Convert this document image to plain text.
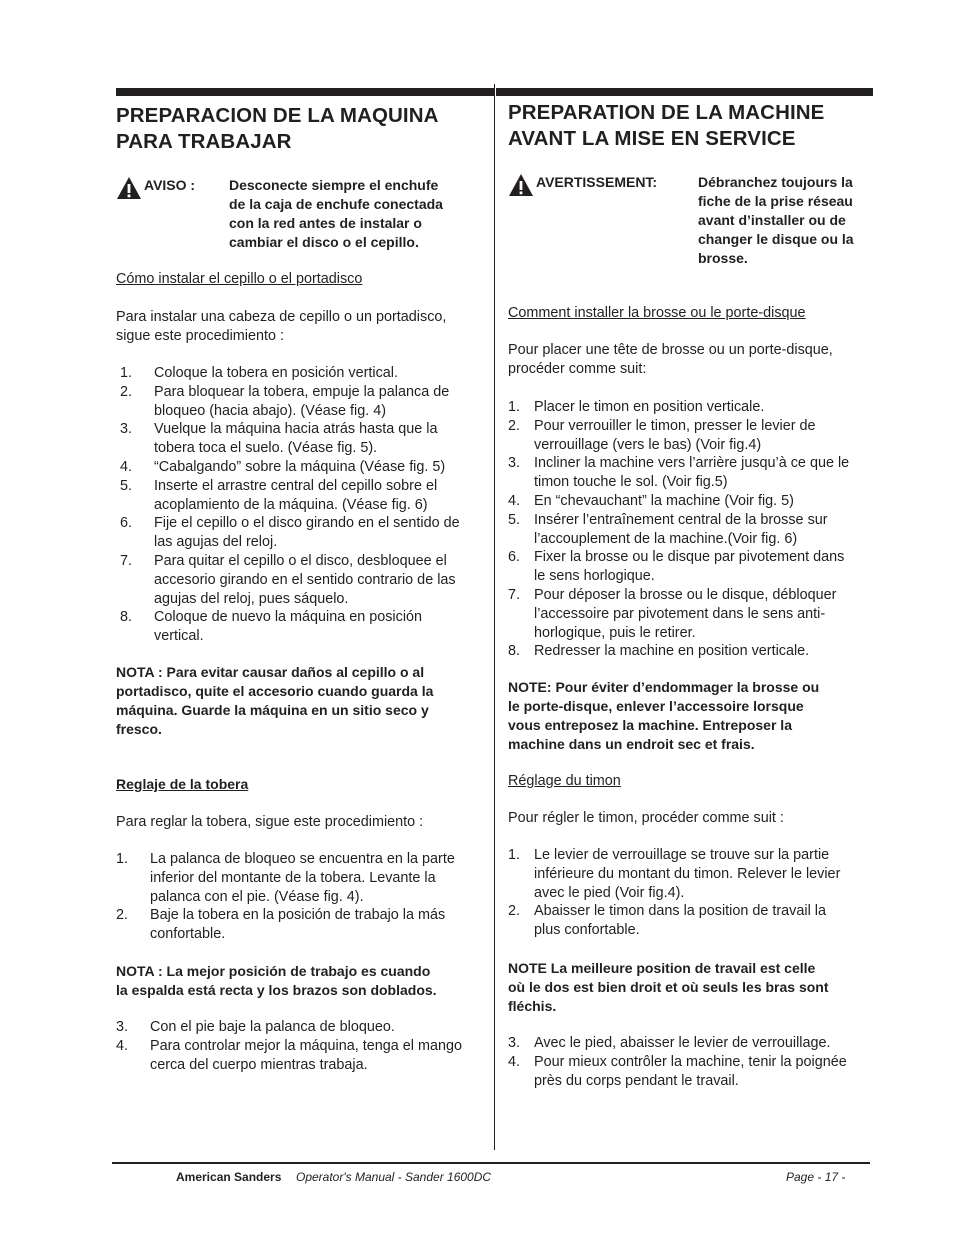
PREPARACION DE LA MAQUINA
PARA TRABAJAR
AVISO : Desconecte siempre el enchufe
de la caja de enchufe conectada
con la red antes de instalar o
cambiar el disco o el cepillo.

Cómo instalar el cepillo o el portadisco

Para instalar una cabeza de cepillo o un portadisco,
sigue este procedimiento :

1. Coloque la tobera en posición vertical.
2. Para bloquear la tobera, empuje la palanca de
bloqueo (hacia abajo). (Véase fig. 4)
3. Vuelque la máquina hacia atrás hasta que la
tobera toca el suelo. (Véase fig. 5).
4. “Cabalgando” sobre la máquina (Véase fig. 5)
5. Inserte el arrastre central del cepillo sobre el
acoplamiento de la máquina. (Véase fig. 6)
6. Fije el cepillo o el disco girando en el sentido de
las agujas del reloj.
7. Para quitar el cepillo o el disco, desbloquee el
accesorio girando en el sentido contrario de las
agujas del reloj, pues sáquelo.
8. Coloque de nuevo la máquina en posición
vertical.

NOTA : Para evitar causar daños al cepillo o al
portadisco, quite el accesorio cuando guarda la
máquina. Guarde la máquina en un sitio seco y
fresco.

Reglaje de la tobera

Para reglar la tobera, sigue este procedimiento :

1. La palanca de bloqueo se encuentra en la parte
inferior del montante de la tobera. Levante la
palanca con el pie. (Véase fig. 4).
2. Baje la tobera en la posición de trabajo la más
confortable.

NOTA : La mejor posición de trabajo es cuando
la espalda está recta y los brazos son doblados.

3. Con el pie baje la palanca de bloqueo.
4. Para controlar mejor la máquina, tenga el mango
cerca del cuerpo mientras trabaja.
PREPARATION DE LA MACHINE
AVANT LA MISE EN SERVICE
AVERTISSEMENT:	Débranchez toujours la
fiche de la prise réseau
avant d’installer ou de
changer le disque ou la
brosse.

Comment installer la brosse ou le porte-disque

Pour placer une tête de brosse ou un porte-disque,
procéder comme suit:

1. Placer le timon en position verticale.
2. Pour verrouiller le timon, presser le levier de
verrouillage (vers le bas) (Voir fig.4)
3. Incliner la machine vers l’arrière jusqu’à ce que le
timon touche le sol. (Voir fig.5)
4. En “chevauchant” la machine (Voir fig. 5)
5. Insérer l’entraînement central de la brosse sur
l’accouplement de la machine.(Voir fig. 6)
6. Fixer la brosse ou le disque par pivotement dans
le sens horlogique.
7. Pour déposer la brosse ou le disque, débloquer
l’accessoire par pivotement dans le sens anti-
horlogique, puis le retirer.
8. Redresser la machine en position verticale.

NOTE: Pour éviter d’endommager la brosse ou
le porte-disque, enlever l’accessoire lorsque
vous entreposez la machine. Entreposer la
machine dans un endroit sec et frais.

Réglage du timon

Pour régler le timon, procéder comme suit :

1. Le levier de verrouillage se trouve sur la partie
inférieure du montant du timon. Relever le levier
avec le pied (Voir fig.4).
2. Abaisser le timon dans la position de travail la
plus confortable.

NOTE La meilleure position de travail est celle
où le dos est bien droit et où seuls les bras sont
fléchis.

3. Avec le pied, abaisser le levier de verrouillage.
4. Pour mieux contrôler la machine, tenir la poignée
près du corps pendant le travail.
American Sanders Operator's Manual - Sander 1600DC	Page - 17 -
